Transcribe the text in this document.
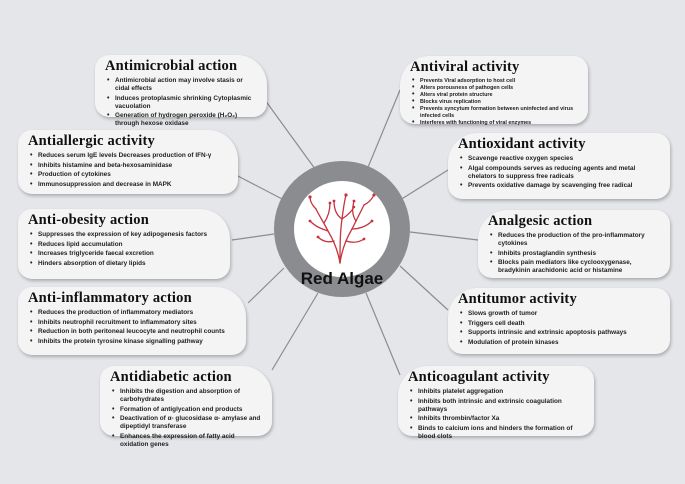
Red Algae
Antimicrobial action
• Antimicrobial action may involve stasis or cidal effects
• Induces protoplasmic shrinking Cytoplasmic vacuolation
• Generation of hydrogen peroxide (H₂O₂) through hexose oxidase
Antiallergic activity
• Reduces serum IgE levels Decreases production of IFN-γ
• Inhibits histamine and beta-hexosaminidase
• Production of cytokines
• Immunosuppression and decrease in MAPK
Anti-obesity action
• Suppresses the expression of key adipogenesis factors
• Reduces lipid accumulation
• Increases triglyceride faecal excretion
• Hinders absorption of dietary lipids
Anti-inflammatory action
• Reduces the production of inflammatory mediators
• Inhibits neutrophil recruitment to inflammatory sites
• Reduction in both peritoneal leucocyte and neutrophil counts
• Inhibits the protein tyrosine kinase signalling pathway
Antidiabetic action
• Inhibits the digestion and absorption of carbohydrates
• Formation of antiglycation end products
• Deactivation of α- glucosidase α- amylase and dipeptidyl transferase
• Enhances the expression of fatty acid oxidation genes
Antiviral activity
• Prevents Viral adsorption to host cell
• Alters porousness of pathogen cells
• Alters viral protein structure
• Blocks virus replication
• Prevents syncytum formation between uninfected and virus infected cells
• Interferes with functioning of viral enzymes
Antioxidant activity
• Scavenge reactive oxygen species
• Algal compounds serves as reducing agents and metal chelators to suppress free radicals
• Prevents oxidative damage by scavenging free radical
Analgesic action
• Reduces the production of the pro-inflammatory cytokines
• Inhibits prostaglandin synthesis
• Blocks pain mediators like cyclooxygenase, bradykinin arachidonic acid or histamine
Antitumor activity
• Slows growth of tumor
• Triggers cell death
• Supports intrinsic and extrinsic apoptosis pathways
• Modulation of protein kinases
Anticoagulant activity
• Inhibits platelet aggregation
• Inhibits both intrinsic and extrinsic coagulation pathways
• Inhibits thrombin/factor Xa
• Binds to calcium ions and hinders the formation of blood clots
